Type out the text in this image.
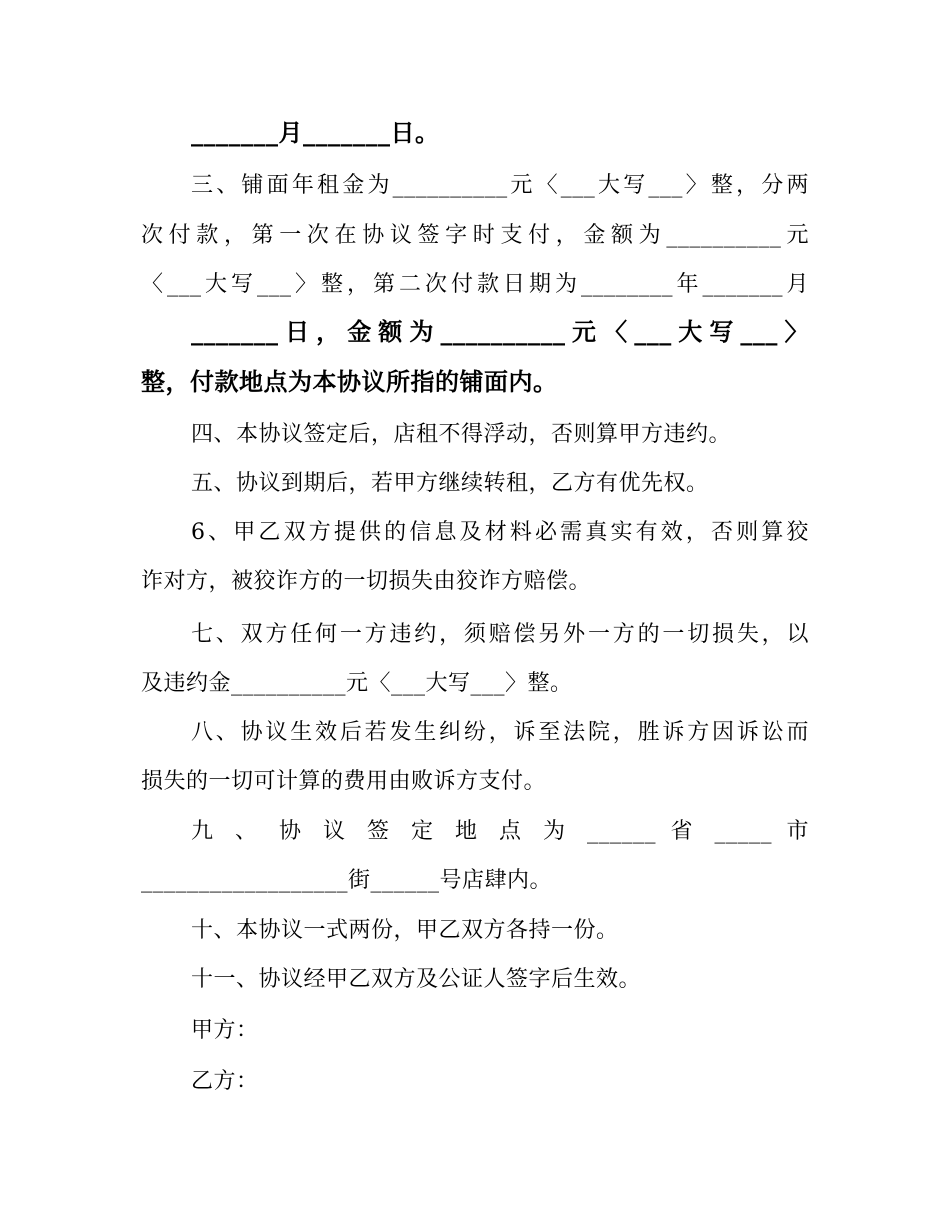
_______月_______日。
三、铺面年租金为__________元〈___大写___〉整，分两
次付款，第一次在协议签字时支付，金额为__________元
〈___大写___〉整，第二次付款日期为________年_______月
_______日，金额为__________元〈___大写___〉
整，付款地点为本协议所指的铺面内。
四、本协议签定后，店租不得浮动，否则算甲方违约。
五、协议到期后，若甲方继续转租，乙方有优先权。
6、甲乙双方提供的信息及材料必需真实有效，否则算狡
诈对方，被狡诈方的一切损失由狡诈方赔偿。
七、双方任何一方违约，须赔偿另外一方的一切损失，以
及违约金__________元〈___大写___〉整。
八、协议生效后若发生纠纷，诉至法院，胜诉方因诉讼而
损失的一切可计算的费用由败诉方支付。
九 、 协 议 签 定 地 点 为 ______ 省 _____ 市
__________________街______号店肆内。
十、本协议一式两份，甲乙双方各持一份。
十一、协议经甲乙双方及公证人签字后生效。
甲方：
乙方：
